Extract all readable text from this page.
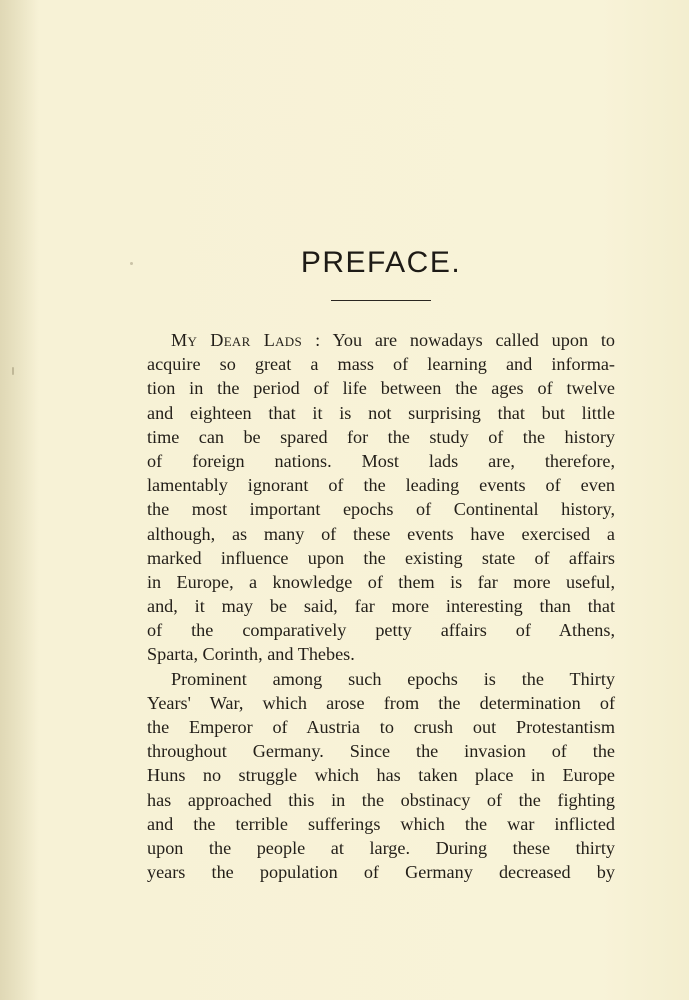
PREFACE.
My Dear Lads : You are nowadays called upon to
acquire so great a mass of learning and informa-
tion in the period of life between the ages of twelve
and eighteen that it is not surprising that but little
time can be spared for the study of the history
of foreign nations. Most lads are, therefore,
lamentably ignorant of the leading events of even
the most important epochs of Continental history,
although, as many of these events have exercised a
marked influence upon the existing state of affairs
in Europe, a knowledge of them is far more useful,
and, it may be said, far more interesting than that
of the comparatively petty affairs of Athens,
Sparta, Corinth, and Thebes.
Prominent among such epochs is the Thirty
Years' War, which arose from the determination of
the Emperor of Austria to crush out Protestantism
throughout Germany. Since the invasion of the
Huns no struggle which has taken place in Europe
has approached this in the obstinacy of the fighting
and the terrible sufferings which the war inflicted
upon the people at large. During these thirty
years the population of Germany decreased by
